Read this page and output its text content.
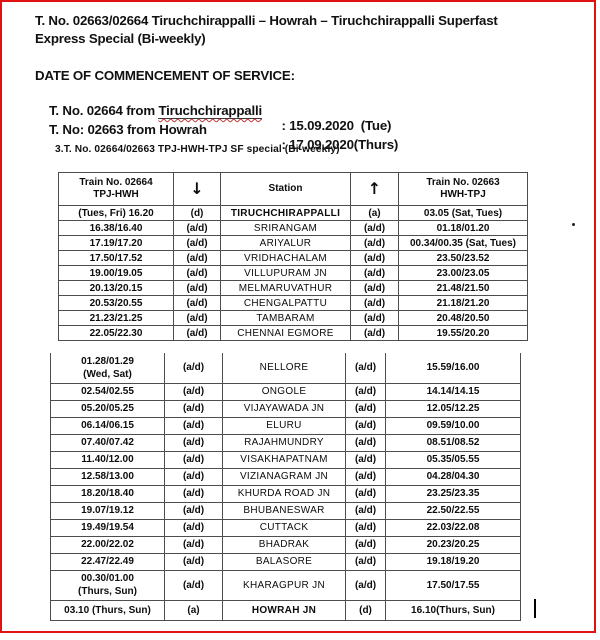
T. No. 02663/02664 Tiruchchirappalli – Howrah – Tiruchchirappalli Superfast
Express Special (Bi-weekly)
DATE OF COMMENCEMENT OF SERVICE:

T. No. 02664 from Tiruchchirappalli

: 15.09.2020  (Tue)

T. No: 02663 from Howrah

: 17.09.2020(Thurs)

3.T. No. 02664/02663 TPJ-HWH-TPJ SF special (Bi-weekly)
Train No. 02664
TPJ-HWH	↓	Station	↑	Train No. 02663
HWH-TPJ

(Tues, Fri) 16.20	(d)	TIRUCHCHIRAPPALLI	(a)	03.05 (Sat, Tues)
16.38/16.40	(a/d)	SRIRANGAM	(a/d)	01.18/01.20
17.19/17.20	(a/d)	ARIYALUR	(a/d)	00.34/00.35 (Sat, Tues)
17.50/17.52	(a/d)	VRIDHACHALAM	(a/d)	23.50/23.52
19.00/19.05	(a/d)	VILLUPURAM JN	(a/d)	23.00/23.05
20.13/20.15	(a/d)	MELMARUVATHUR	(a/d)	21.48/21.50
20.53/20.55	(a/d)	CHENGALPATTU	(a/d)	21.18/21.20
21.23/21.25	(a/d)	TAMBARAM	(a/d)	20.48/20.50
22.05/22.30	(a/d)	CHENNAI EGMORE	(a/d)	19.55/20.20
01.28/01.29
(Wed, Sat)	(a/d)	NELLORE	(a/d)	15.59/16.00
02.54/02.55	(a/d)	ONGOLE	(a/d)	14.14/14.15
05.20/05.25	(a/d)	VIJAYAWADA JN	(a/d)	12.05/12.25
06.14/06.15	(a/d)	ELURU	(a/d)	09.59/10.00
07.40/07.42	(a/d)	RAJAHMUNDRY	(a/d)	08.51/08.52
11.40/12.00	(a/d)	VISAKHAPATNAM	(a/d)	05.35/05.55
12.58/13.00	(a/d)	VIZIANAGRAM JN	(a/d)	04.28/04.30
18.20/18.40	(a/d)	KHURDA ROAD JN	(a/d)	23.25/23.35
19.07/19.12	(a/d)	BHUBANESWAR	(a/d)	22.50/22.55
19.49/19.54	(a/d)	CUTTACK	(a/d)	22.03/22.08
22.00/22.02	(a/d)	BHADRAK	(a/d)	20.23/20.25
22.47/22.49	(a/d)	BALASORE	(a/d)	19.18/19.20

00.30/01.00
(Thurs, Sun)	(a/d)	KHARAGPUR JN	(a/d)	17.50/17.55
03.10 (Thurs, Sun)	(a)	HOWRAH JN	(d)	16.10(Thurs, Sun)
